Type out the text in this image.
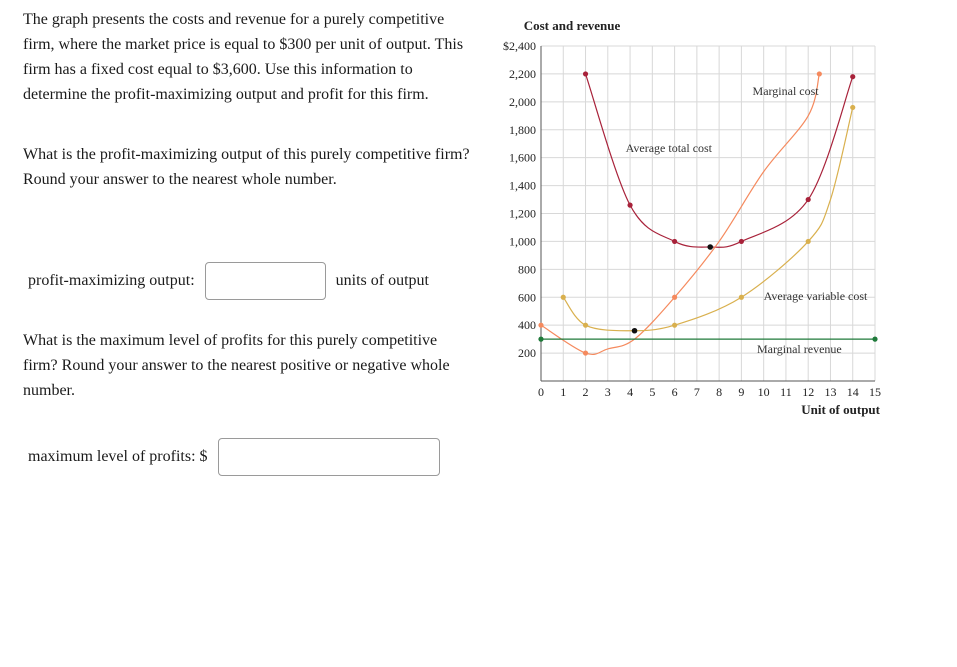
The graph presents the costs and revenue for a purely competitive firm, where the market price is equal to $300 per unit of output. This firm has a fixed cost equal to $3,600. Use this information to determine the profit-maximizing output and profit for this firm.

What is the profit-maximizing output of this purely competitive firm? Round your answer to the nearest whole number.

profit-maximizing output:	units of output

What is the maximum level of profits for this purely competitive firm? Round your answer to the nearest positive or negative whole number.

maximum level of profits: $
0 1 2 3 4 5 6 7 8 9 10 11 12 13 14 15
200
400
600
800
1,000
1,200
1,400
1,600
1,800
2,000
2,200
$2,400
Marginal cost
Average total cost
Average variable cost
Marginal revenue
Cost and revenue
Unit of output
